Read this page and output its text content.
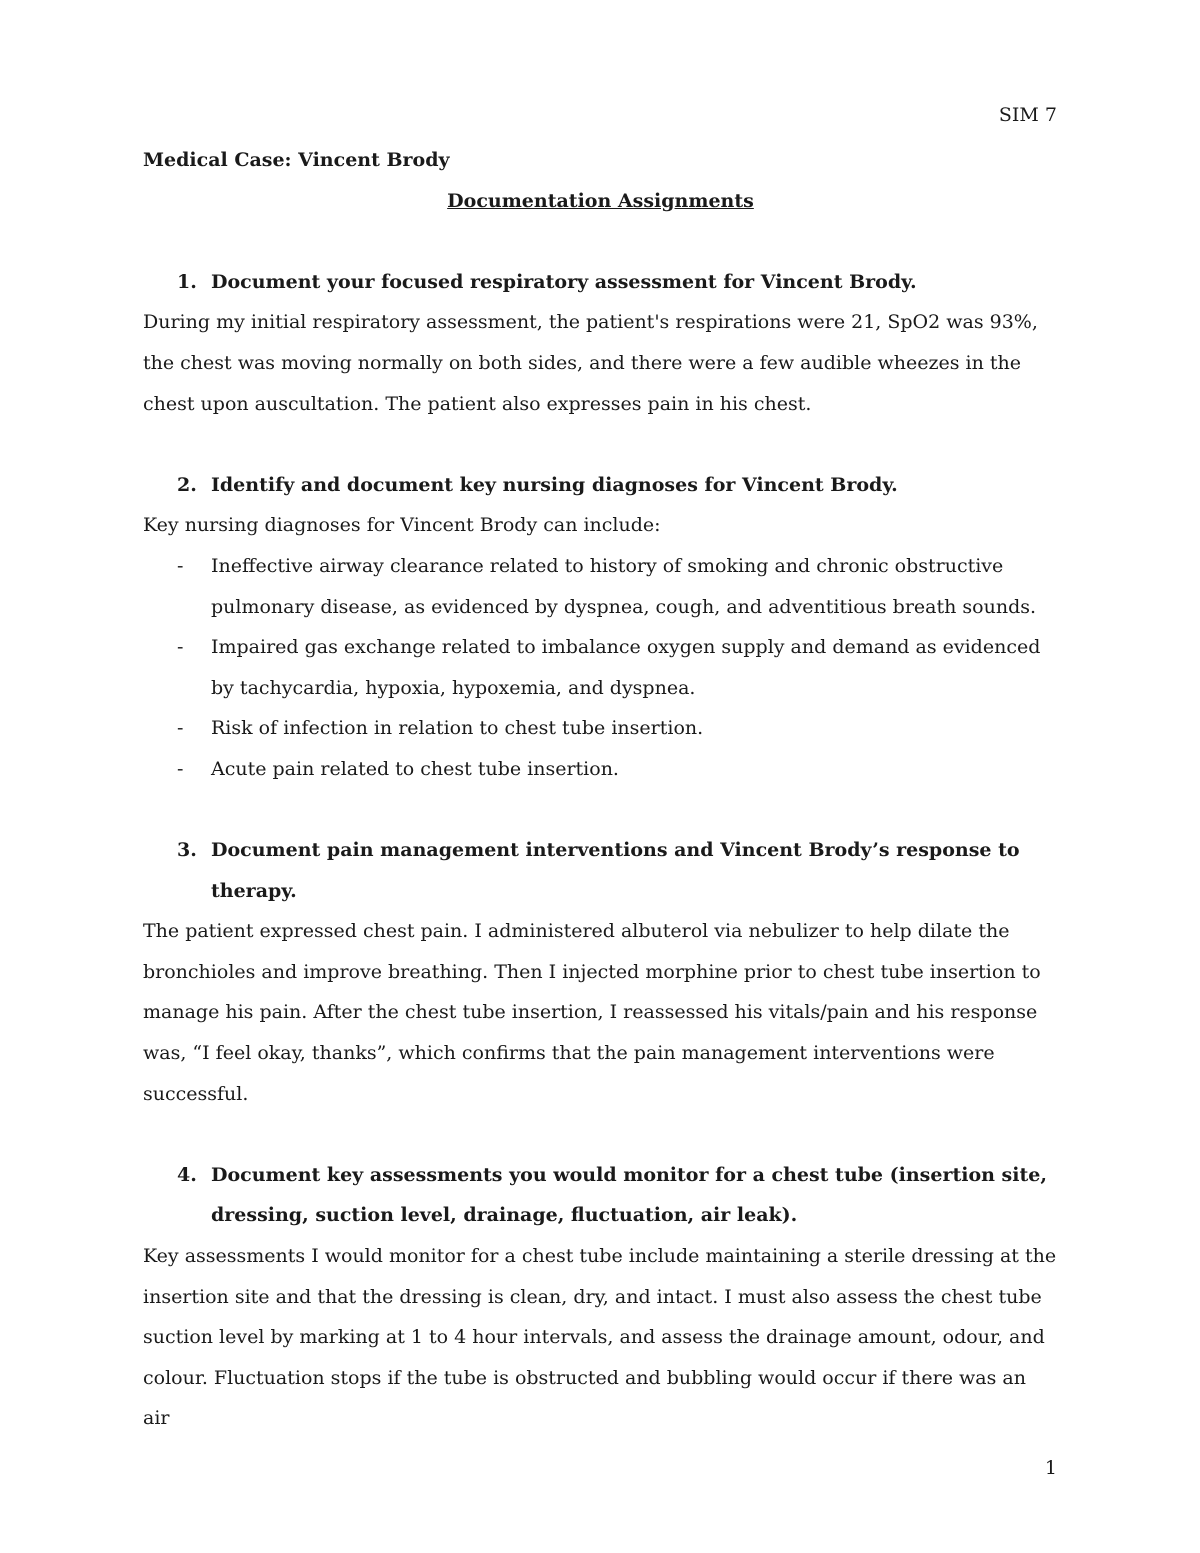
SIM 7

Medical Case: Vincent Brody

Documentation Assignments

1. Document your focused respiratory assessment for Vincent Brody.

During my initial respiratory assessment, the patient's respirations were 21, SpO2 was 93%, the chest was moving normally on both sides, and there were a few audible wheezes in the chest upon auscultation. The patient also expresses pain in his chest.

2. Identify and document key nursing diagnoses for Vincent Brody.

Key nursing diagnoses for Vincent Brody can include:

-	Ineffective airway clearance related to history of smoking and chronic obstructive pulmonary disease, as evidenced by dyspnea, cough, and adventitious breath sounds.
-	Impaired gas exchange related to imbalance oxygen supply and demand as evidenced by tachycardia, hypoxia, hypoxemia, and dyspnea.
-	Risk of infection in relation to chest tube insertion.
-	Acute pain related to chest tube insertion.
3. Document pain management interventions and Vincent Brody’s response to therapy.

The patient expressed chest pain. I administered albuterol via nebulizer to help dilate the bronchioles and improve breathing. Then I injected morphine prior to chest tube insertion to manage his pain. After the chest tube insertion, I reassessed his vitals/pain and his response was, “I feel okay, thanks”, which confirms that the pain management interventions were successful.

4. Document key assessments you would monitor for a chest tube (insertion site, dressing, suction level, drainage, fluctuation, air leak).

Key assessments I would monitor for a chest tube include maintaining a sterile dressing at the insertion site and that the dressing is clean, dry, and intact. I must also assess the chest tube suction level by marking at 1 to 4 hour intervals, and assess the drainage amount, odour, and colour. Fluctuation stops if the tube is obstructed and bubbling would occur if there was an air

1
